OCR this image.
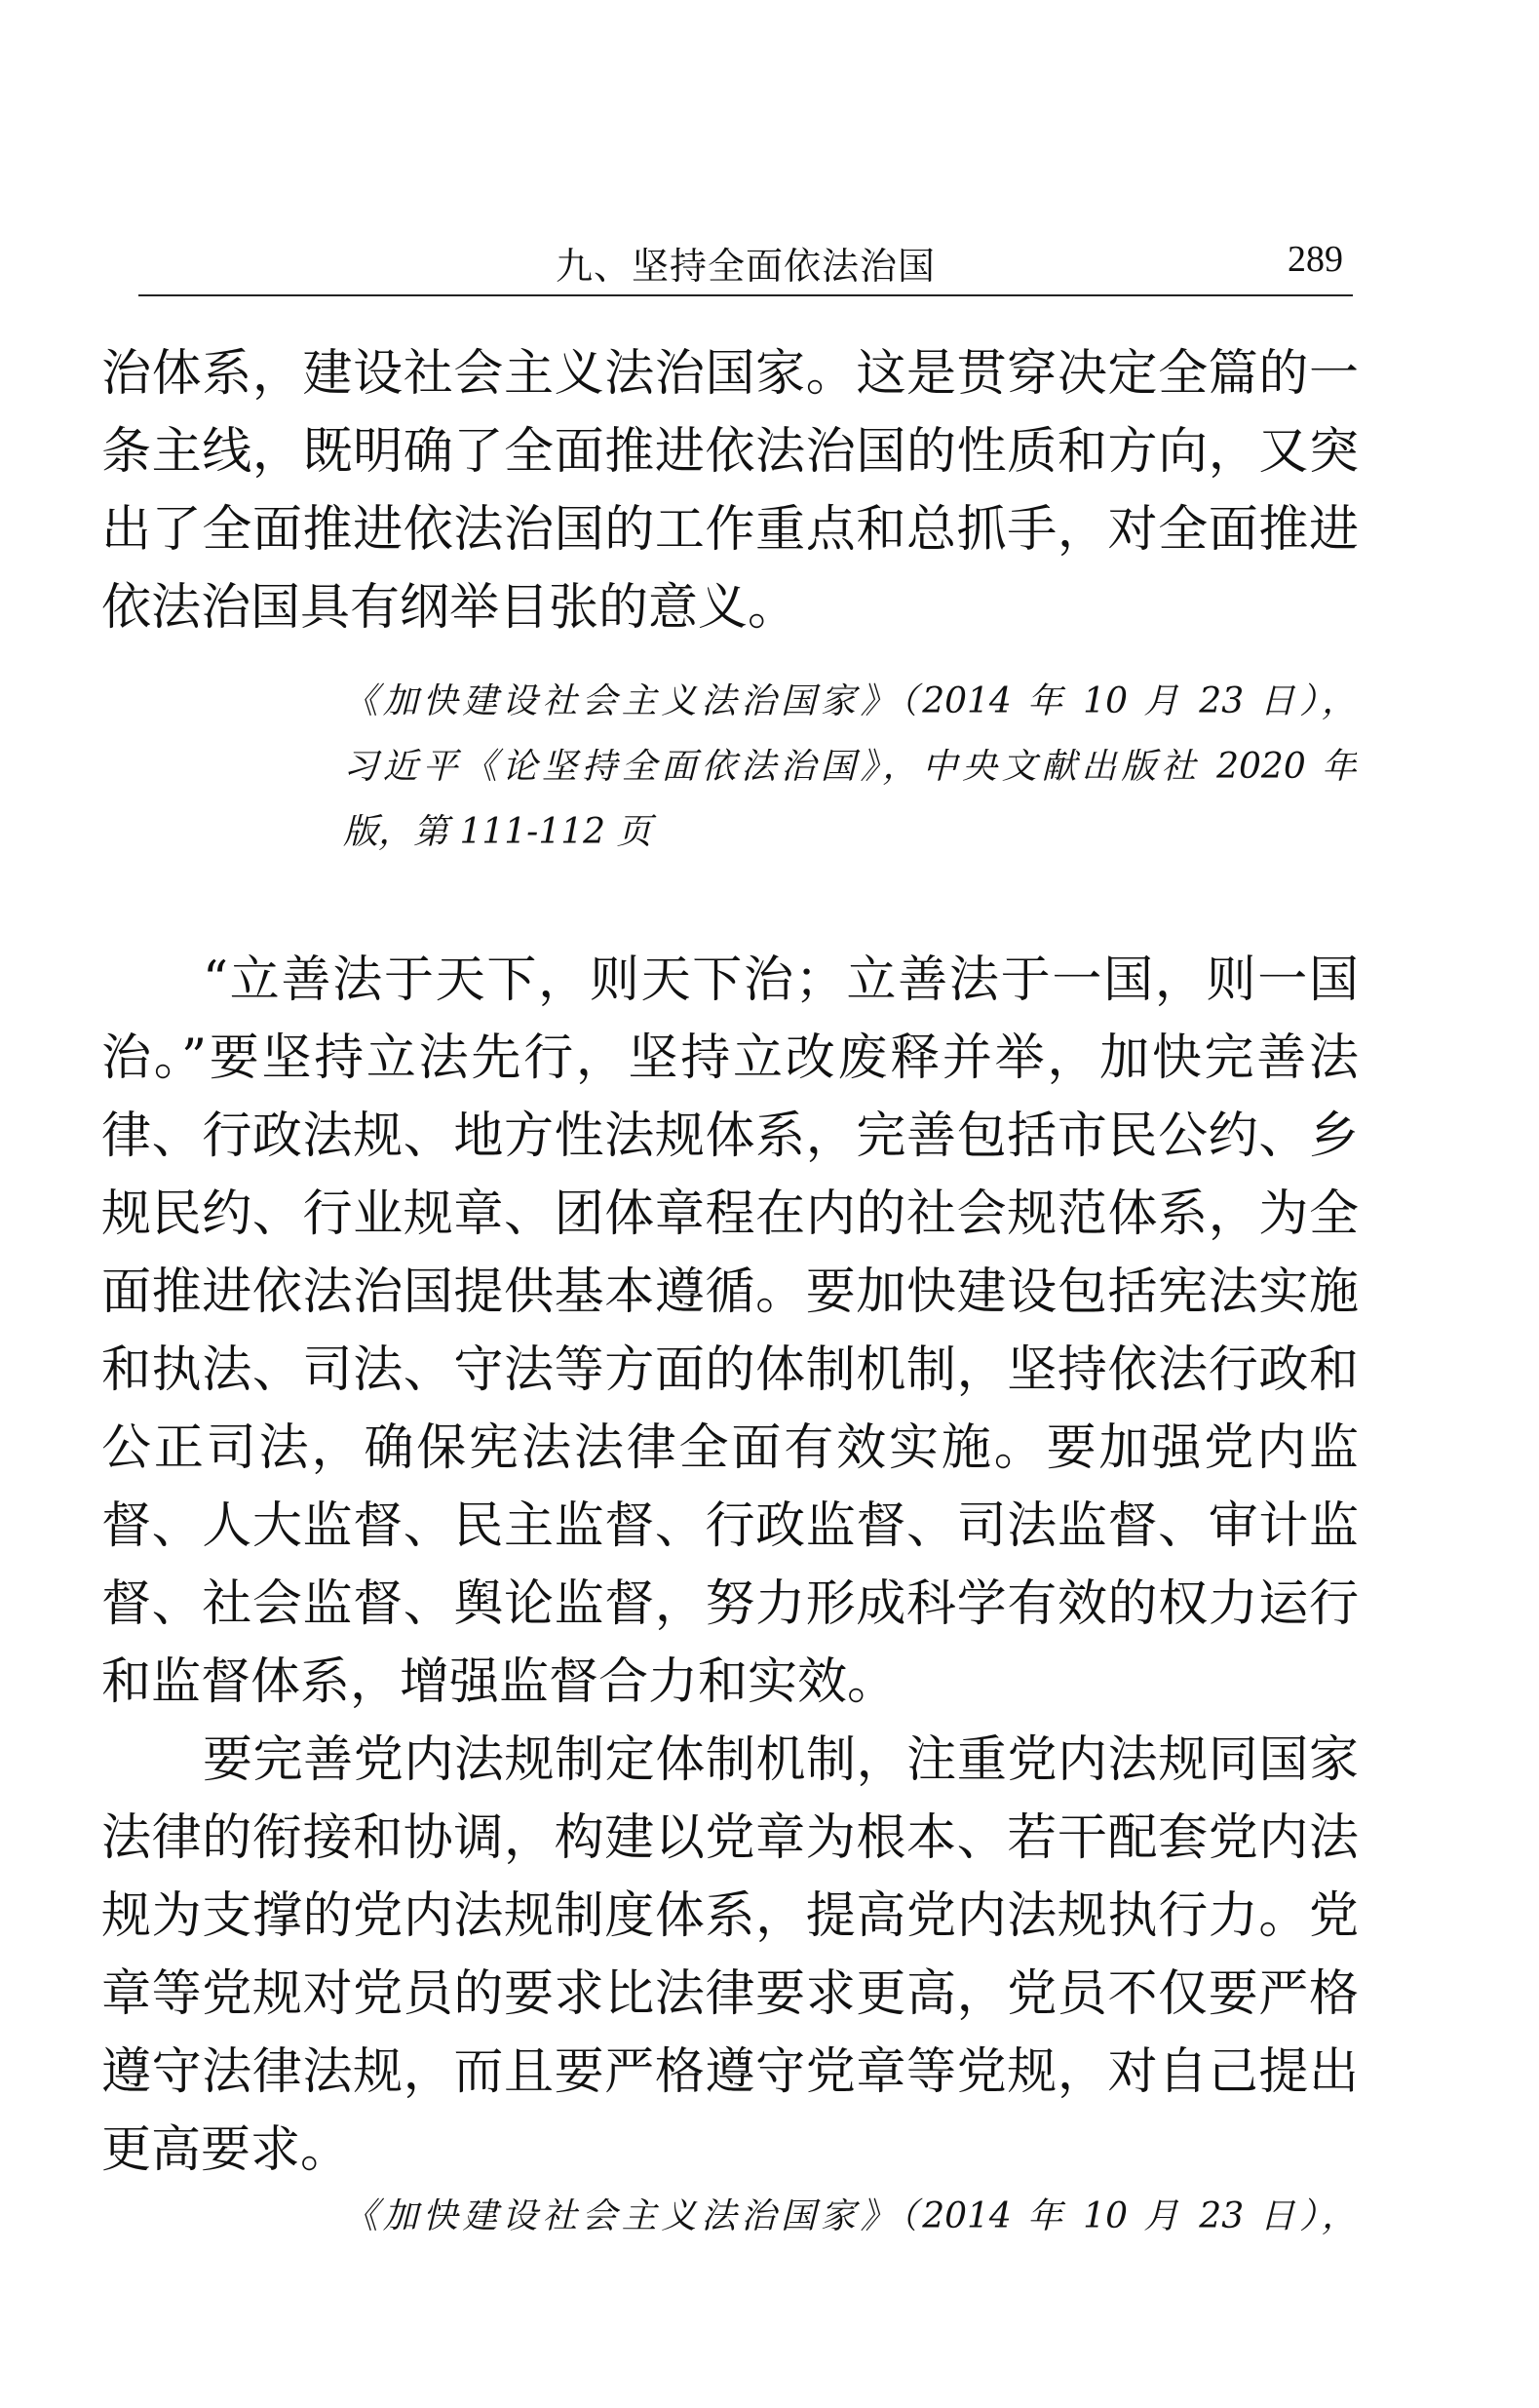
九、坚持全面依法治国	289
治体系，建设社会主义法治国家。这是贯穿决定全篇的一
条主线，既明确了全面推进依法治国的性质和方向，又突
出了全面推进依法治国的工作重点和总抓手，对全面推进
依法治国具有纲举目张的意义。
《加快建设社会主义法治国家》（2014 年 10 月 23 日），
习近平《论坚持全面依法治国》，中央文献出版社 2020 年
版，第 111-112 页
“立善法于天下，则天下治；立善法于一国，则一国
治。”要坚持立法先行，坚持立改废释并举，加快完善法
律、行政法规、地方性法规体系，完善包括市民公约、乡
规民约、行业规章、团体章程在内的社会规范体系，为全
面推进依法治国提供基本遵循。要加快建设包括宪法实施
和执法、司法、守法等方面的体制机制，坚持依法行政和
公正司法，确保宪法法律全面有效实施。要加强党内监
督、人大监督、民主监督、行政监督、司法监督、审计监
督、社会监督、舆论监督，努力形成科学有效的权力运行
和监督体系，增强监督合力和实效。
要完善党内法规制定体制机制，注重党内法规同国家
法律的衔接和协调，构建以党章为根本、若干配套党内法
规为支撑的党内法规制度体系，提高党内法规执行力。党
章等党规对党员的要求比法律要求更高，党员不仅要严格
遵守法律法规，而且要严格遵守党章等党规，对自己提出
更高要求。
《加快建设社会主义法治国家》（2014 年 10 月 23 日），
